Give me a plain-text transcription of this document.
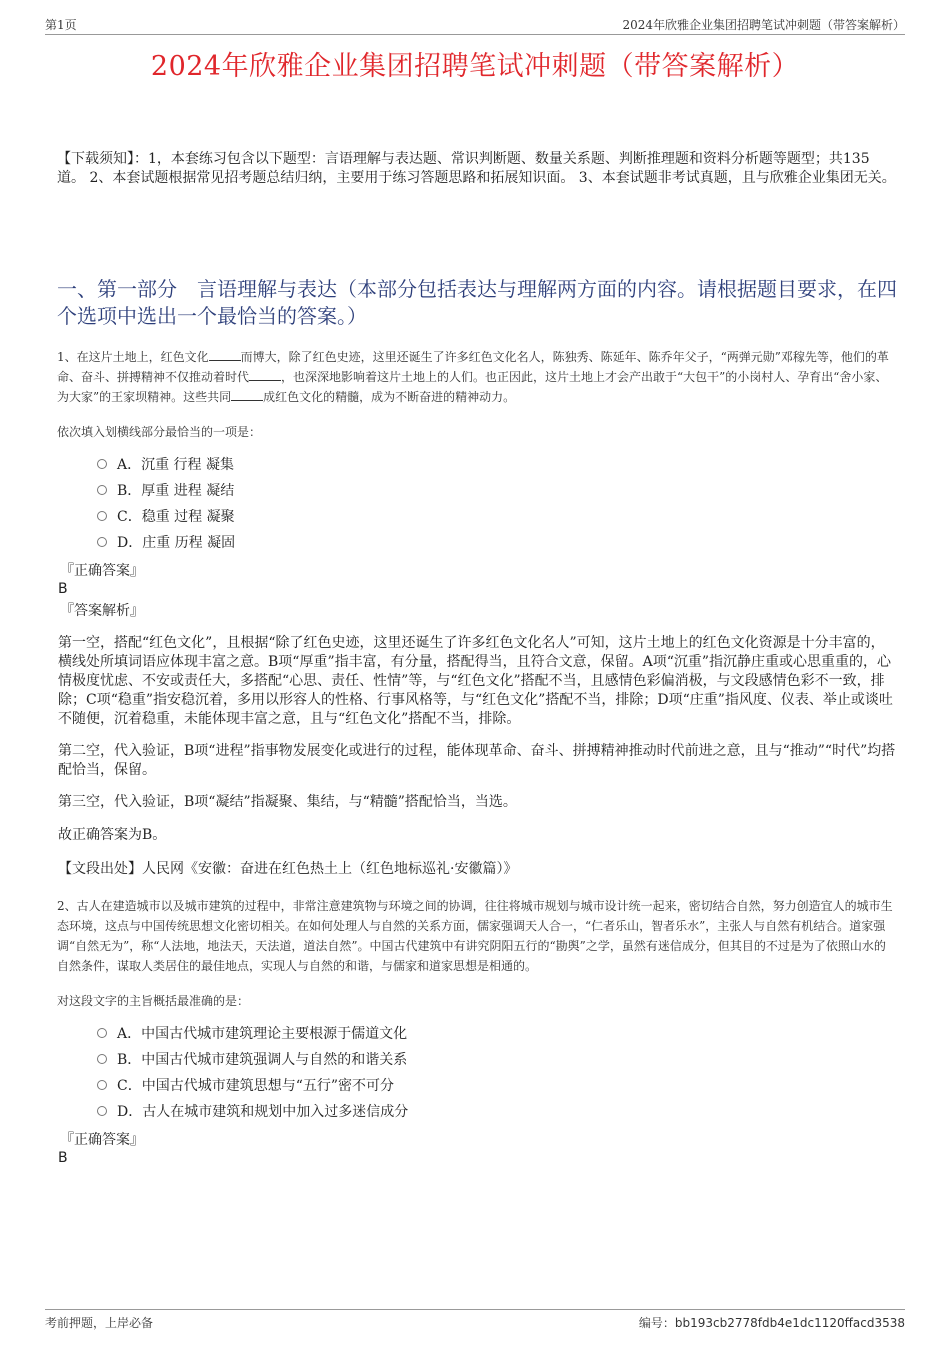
第1页	2024年欣雅企业集团招聘笔试冲刺题（带答案解析）
2024年欣雅企业集团招聘笔试冲刺题（带答案解析）
【下载须知】：1，本套练习包含以下题型：言语理解与表达题、常识判断题、数量关系题、判断推理题和资料分析题等题型；共135道。 2、本套试题根据常见招考题总结归纳，主要用于练习答题思路和拓展知识面。 3、本套试题非考试真题，且与欣雅企业集团无关。
一、第一部分　言语理解与表达（本部分包括表达与理解两方面的内容。请根据题目要求，在四个选项中选出一个最恰当的答案。）
1、在这片土地上，红色文化	而博大，除了红色史迹，这里还诞生了许多红色文化名人，陈独秀、陈延年、陈乔年父子，“两弹元勋”邓稼先等，他们的革命、奋斗、拼搏精神不仅推动着时代	，也深深地影响着这片土地上的人们。也正因此，这片土地上才会产出敢于“大包干”的小岗村人、孕育出“舍小家、为大家”的王家坝精神。这些共同	成红色文化的精髓，成为不断奋进的精神动力。
依次填入划横线部分最恰当的一项是：
A．沉重 行程 凝集
B．厚重 进程 凝结
C．稳重 过程 凝聚
D．庄重 历程 凝固
『正确答案』
B
『答案解析』
第一空，搭配“红色文化”，且根据“除了红色史迹，这里还诞生了许多红色文化名人”可知，这片土地上的红色文化资源是十分丰富的，横线处所填词语应体现丰富之意。B项“厚重”指丰富，有分量，搭配得当，且符合文意，保留。A项“沉重”指沉静庄重或心思重重的，心情极度忧虑、不安或责任大，多搭配“心思、责任、性情”等，与“红色文化”搭配不当，且感情色彩偏消极，与文段感情色彩不一致，排除；C项“稳重”指安稳沉着，多用以形容人的性格、行事风格等，与“红色文化”搭配不当，排除；D项“庄重”指风度、仪表、举止或谈吐不随便，沉着稳重，未能体现丰富之意，且与“红色文化”搭配不当，排除。
第二空，代入验证，B项“进程”指事物发展变化或进行的过程，能体现革命、奋斗、拼搏精神推动时代前进之意，且与“推动”“时代”均搭配恰当，保留。
第三空，代入验证，B项“凝结”指凝聚、集结，与“精髓”搭配恰当，当选。
故正确答案为B。
【文段出处】人民网《安徽：奋进在红色热土上（红色地标巡礼·安徽篇）》
2、古人在建造城市以及城市建筑的过程中，非常注意建筑物与环境之间的协调，往往将城市规划与城市设计统一起来，密切结合自然，努力创造宜人的城市生态环境，这点与中国传统思想文化密切相关。在如何处理人与自然的关系方面，儒家强调天人合一，“仁者乐山，智者乐水”，主张人与自然有机结合。道家强调“自然无为”，称“人法地，地法天，天法道，道法自然”。中国古代建筑中有讲究阴阳五行的“勘舆”之学，虽然有迷信成分，但其目的不过是为了依照山水的自然条件，谋取人类居住的最佳地点，实现人与自然的和谐，与儒家和道家思想是相通的。
对这段文字的主旨概括最准确的是：
A．中国古代城市建筑理论主要根源于儒道文化
B．中国古代城市建筑强调人与自然的和谐关系
C．中国古代城市建筑思想与“五行”密不可分
D．古人在城市建筑和规划中加入过多迷信成分
『正确答案』
B
考前押题，上岸必备	编号：bb193cb2778fdb4e1dc1120ffacd3538
